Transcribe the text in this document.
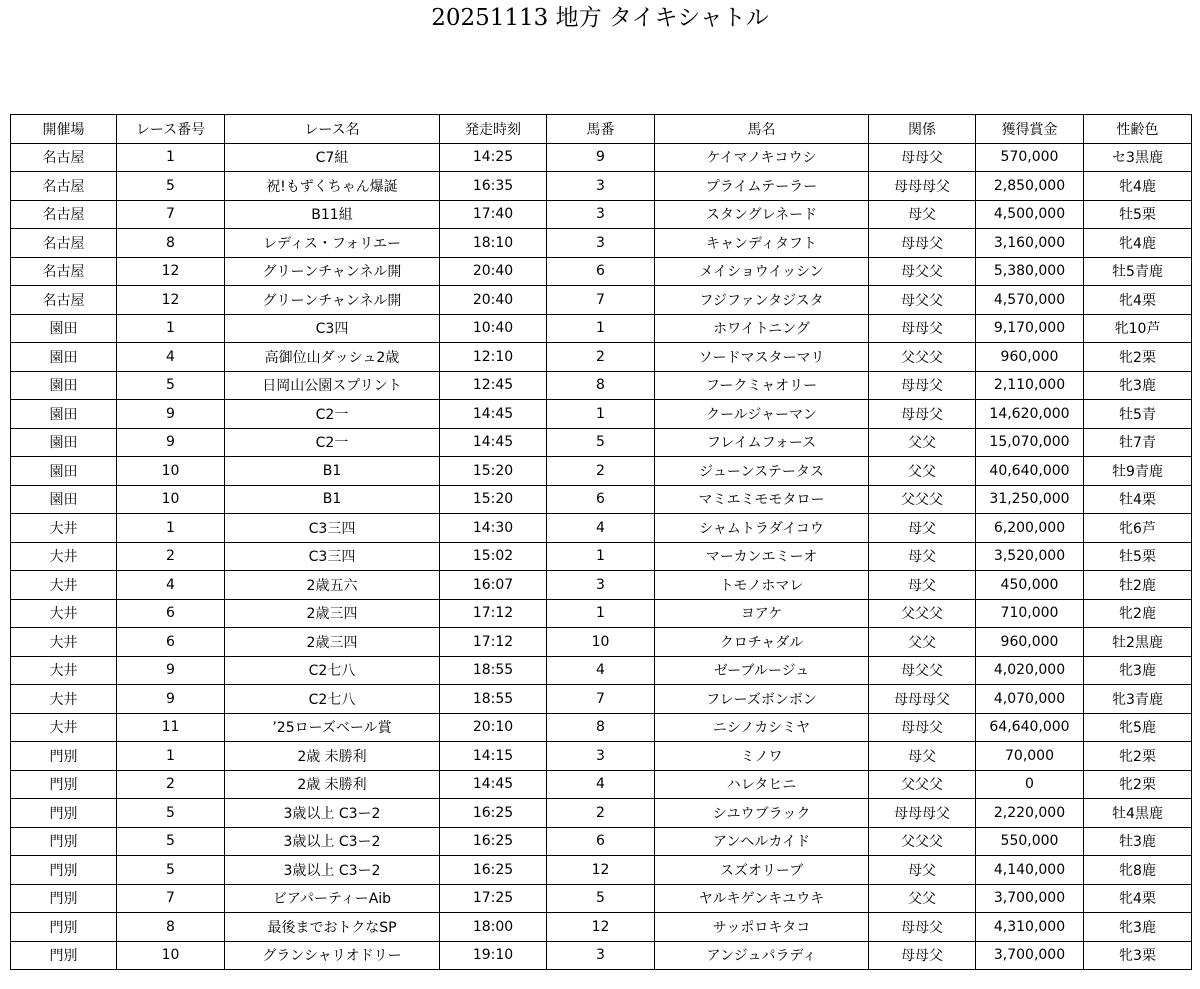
20251113 地方 タイキシャトル
開催場	レース番号	レース名	発走時刻	馬番	馬名	関係	獲得賞金	性齢色
名古屋	1	C7組	14:25	9	ケイマノキコウシ	母母父	570,000	セ3黒鹿
名古屋	5	祝!もずくちゃん爆誕	16:35	3	プライムテーラー	母母母父	2,850,000	牝4鹿
名古屋	7	B11組	17:40	3	スタングレネード	母父	4,500,000	牡5栗
名古屋	8	レディス・フォリエー	18:10	3	キャンディタフト	母母父	3,160,000	牝4鹿
名古屋	12	グリーンチャンネル開	20:40	6	メイショウイッシン	母父父	5,380,000	牡5青鹿
名古屋	12	グリーンチャンネル開	20:40	7	フジファンタジスタ	母父父	4,570,000	牝4栗
園田	1	C3四	10:40	1	ホワイトニング	母母父	9,170,000	牝10芦
園田	4	高御位山ダッシュ2歳	12:10	2	ソードマスターマリ	父父父	960,000	牝2栗
園田	5	日岡山公園スプリント	12:45	8	フークミャオリー	母母父	2,110,000	牝3鹿
園田	9	C2一	14:45	1	クールジャーマン	母母父	14,620,000	牡5青
園田	9	C2一	14:45	5	フレイムフォース	父父	15,070,000	牡7青
園田	10	B1	15:20	2	ジューンステータス	父父	40,640,000	牡9青鹿
園田	10	B1	15:20	6	マミエミモモタロー	父父父	31,250,000	牡4栗
大井	1	C3三四	14:30	4	シャムトラダイコウ	母父	6,200,000	牝6芦
大井	2	C3三四	15:02	1	マーカンエミーオ	母父	3,520,000	牡5栗
大井	4	2歳五六	16:07	3	トモノホマレ	母父	450,000	牡2鹿
大井	6	2歳三四	17:12	1	ヨアケ	父父父	710,000	牝2鹿
大井	6	2歳三四	17:12	10	クロチャダル	父父	960,000	牡2黒鹿
大井	9	C2七八	18:55	4	ゼーブルージュ	母父父	4,020,000	牝3鹿
大井	9	C2七八	18:55	7	フレーズボンボン	母母母父	4,070,000	牝3青鹿
大井	11	’25ローズベール賞	20:10	8	ニシノカシミヤ	母母父	64,640,000	牝5鹿
門別	1	2歳 未勝利	14:15	3	ミノワ	母父	70,000	牝2栗
門別	2	2歳 未勝利	14:45	4	ハレタヒニ	父父父	0	牝2栗
門別	5	3歳以上 C3ー2	16:25	2	シユウブラック	母母母父	2,220,000	牡4黒鹿
門別	5	3歳以上 C3ー2	16:25	6	アンヘルカイド	父父父	550,000	牡3鹿
門別	5	3歳以上 C3ー2	16:25	12	スズオリーブ	母父	4,140,000	牝8鹿
門別	7	ビアパーティーAib	17:25	5	ヤルキゲンキユウキ	父父	3,700,000	牝4栗
門別	8	最後までおトクなSP	18:00	12	サッポロキタコ	母母父	4,310,000	牝3鹿
門別	10	グランシャリオドリー	19:10	3	アンジュパラディ	母母父	3,700,000	牝3栗
